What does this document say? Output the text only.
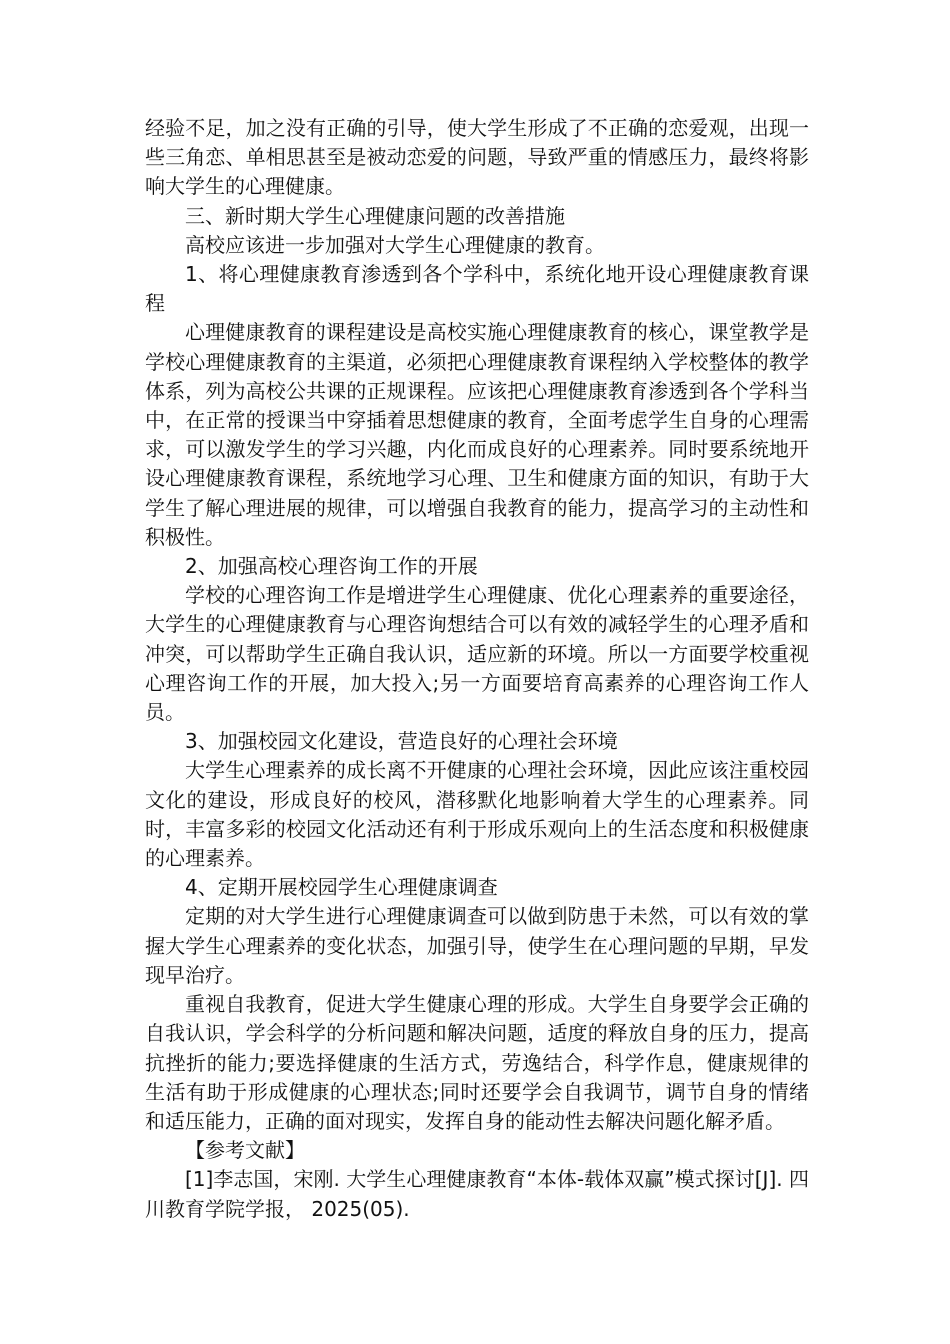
经验不足，加之没有正确的引导，使大学生形成了不正确的恋爱观，出现一些三角恋、单相思甚至是被动恋爱的问题，导致严重的情感压力，最终将影响大学生的心理健康。

三、新时期大学生心理健康问题的改善措施

高校应该进一步加强对大学生心理健康的教育。

1、将心理健康教育渗透到各个学科中，系统化地开设心理健康教育课程

心理健康教育的课程建设是高校实施心理健康教育的核心，课堂教学是学校心理健康教育的主渠道，必须把心理健康教育课程纳入学校整体的教学体系，列为高校公共课的正规课程。应该把心理健康教育渗透到各个学科当中，在正常的授课当中穿插着思想健康的教育，全面考虑学生自身的心理需求，可以激发学生的学习兴趣，内化而成良好的心理素养。同时要系统地开设心理健康教育课程，系统地学习心理、卫生和健康方面的知识，有助于大学生了解心理进展的规律，可以增强自我教育的能力，提高学习的主动性和积极性。

2、加强高校心理咨询工作的开展

学校的心理咨询工作是增进学生心理健康、优化心理素养的重要途径，大学生的心理健康教育与心理咨询想结合可以有效的减轻学生的心理矛盾和冲突，可以帮助学生正确自我认识，适应新的环境。所以一方面要学校重视心理咨询工作的开展，加大投入;另一方面要培育高素养的心理咨询工作人员。

3、加强校园文化建设，营造良好的心理社会环境

大学生心理素养的成长离不开健康的心理社会环境，因此应该注重校园文化的建设，形成良好的校风，潜移默化地影响着大学生的心理素养。同时，丰富多彩的校园文化活动还有利于形成乐观向上的生活态度和积极健康的心理素养。

4、定期开展校园学生心理健康调查

定期的对大学生进行心理健康调查可以做到防患于未然，可以有效的掌握大学生心理素养的变化状态，加强引导，使学生在心理问题的早期，早发现早治疗。

重视自我教育，促进大学生健康心理的形成。大学生自身要学会正确的自我认识，学会科学的分析问题和解决问题，适度的释放自身的压力，提高抗挫折的能力;要选择健康的生活方式，劳逸结合，科学作息，健康规律的生活有助于形成健康的心理状态;同时还要学会自我调节，调节自身的情绪和适压能力，正确的面对现实，发挥自身的能动性去解决问题化解矛盾。

【参考文献】

[1]李志国，宋刚. 大学生心理健康教育“本体-载体双赢”模式探讨[J]. 四川教育学院学报， 2025(05).
